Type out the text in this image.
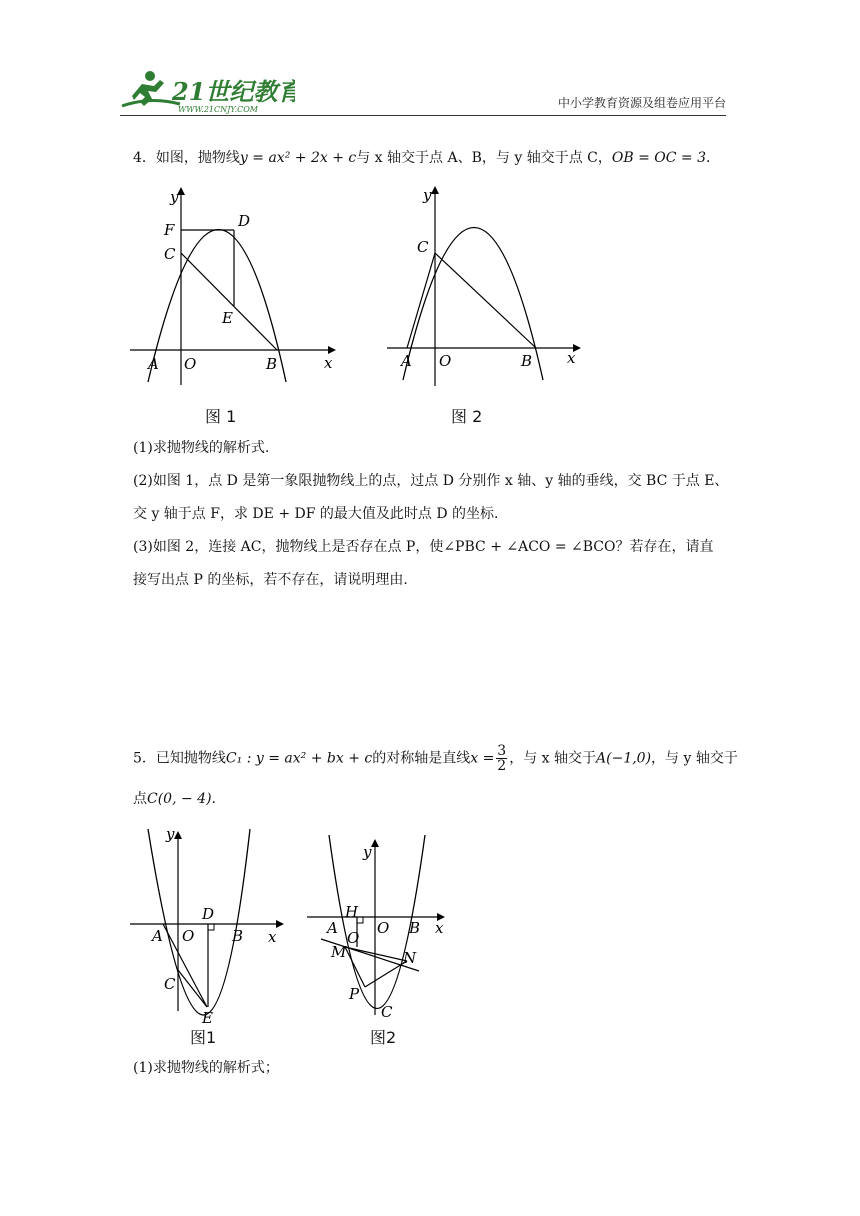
21世纪教育
WWW.21CNJY.COM	中小学教育资源及组卷应用平台
4．如图，抛物线y = ax² + 2x + c与 x 轴交于点 A、B，与 y 轴交于点 C，OB = OC = 3．
x
y
F	D
C
E
A O	B
图 1
x
y
C
A O	B
图 2
(1)求抛物线的解析式.
(2)如图 1，点 D 是第一象限抛物线上的点，过点 D 分别作 x 轴、y 轴的垂线，交 BC 于点 E、
交 y 轴于点 F，求 DE + DF 的最大值及此时点 D 的坐标.
(3)如图 2，连接 AC，抛物线上是否存在点 P，使∠PBC + ∠ACO = ∠BCO？若存在，请直
接写出点 P 的坐标，若不存在，请说明理由.
5．已知抛物线C₁ : y = ax² + bx + c的对称轴是直线$x = \frac{3}{2}$ ，与 x 轴交于A(−1,0)，与 y 轴交于
点C(0, − 4).
x
y
D
A O	B
C
E
图1
x
y
H
A
O
O B
M	N
P
C
图2
(1)求抛物线的解析式；
